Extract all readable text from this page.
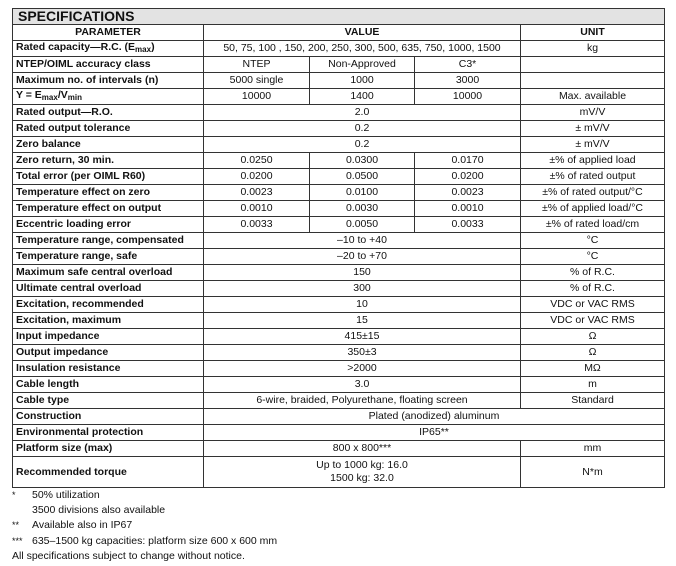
SPECIFICATIONS				
PARAMETER	VALUE			UNIT
Rated capacity—R.C. $(E_{max})$	50, 75, 100 , 150, 200, 250, 300, 500, 635, 750, 1000, 1500			kg
NTEP/OIML accuracy class	NTEP	Non-Approved	C3*	
Maximum no. of intervals (n)	5000 single	1000	3000	
$Y = E_{max}/V_{min}$	10000	1400	10000	Max. available
Rated output—R.O.	2.0			mV/V
Rated output tolerance	0.2			± mV/V
Zero balance	0.2			± mV/V
Zero return, 30 min.	0.0250	0.0300	0.0170	±% of applied load
Total error (per OIML R60)	0.0200	0.0500	0.0200	±% of rated output
Temperature effect on zero	0.0023	0.0100	0.0023	±% of rated output/°C
Temperature effect on output	0.0010	0.0030	0.0010	±% of applied load/°C
Eccentric loading error	0.0033	0.0050	0.0033	±% of rated load/cm
Temperature range, compensated	–10 to +40			°C
Temperature range, safe	–20 to +70			°C
Maximum safe central overload	150			% of R.C.
Ultimate central overload	300			% of R.C.
Excitation, recommended	10			VDC or VAC RMS
Excitation, maximum	15			VDC or VAC RMS
Input impedance	415±15			Ω
Output impedance	350±3			Ω
Insulation resistance	>2000			MΩ
Cable length	3.0			m
Cable type	6-wire, braided, Polyurethane, floating screen			Standard
Construction	Plated (anodized) aluminum			
Environmental protection	IP65**			
Platform size (max)	800 x 800***			mm
Recommended torque	Up to 1000 kg: 16.0
1500 kg: 32.0			N*m
*	50% utilization
3500 divisions also available
**	Available also in IP67
*** 635–1500 kg capacities: platform size 600 x 600 mm
All specifications subject to change without notice.
